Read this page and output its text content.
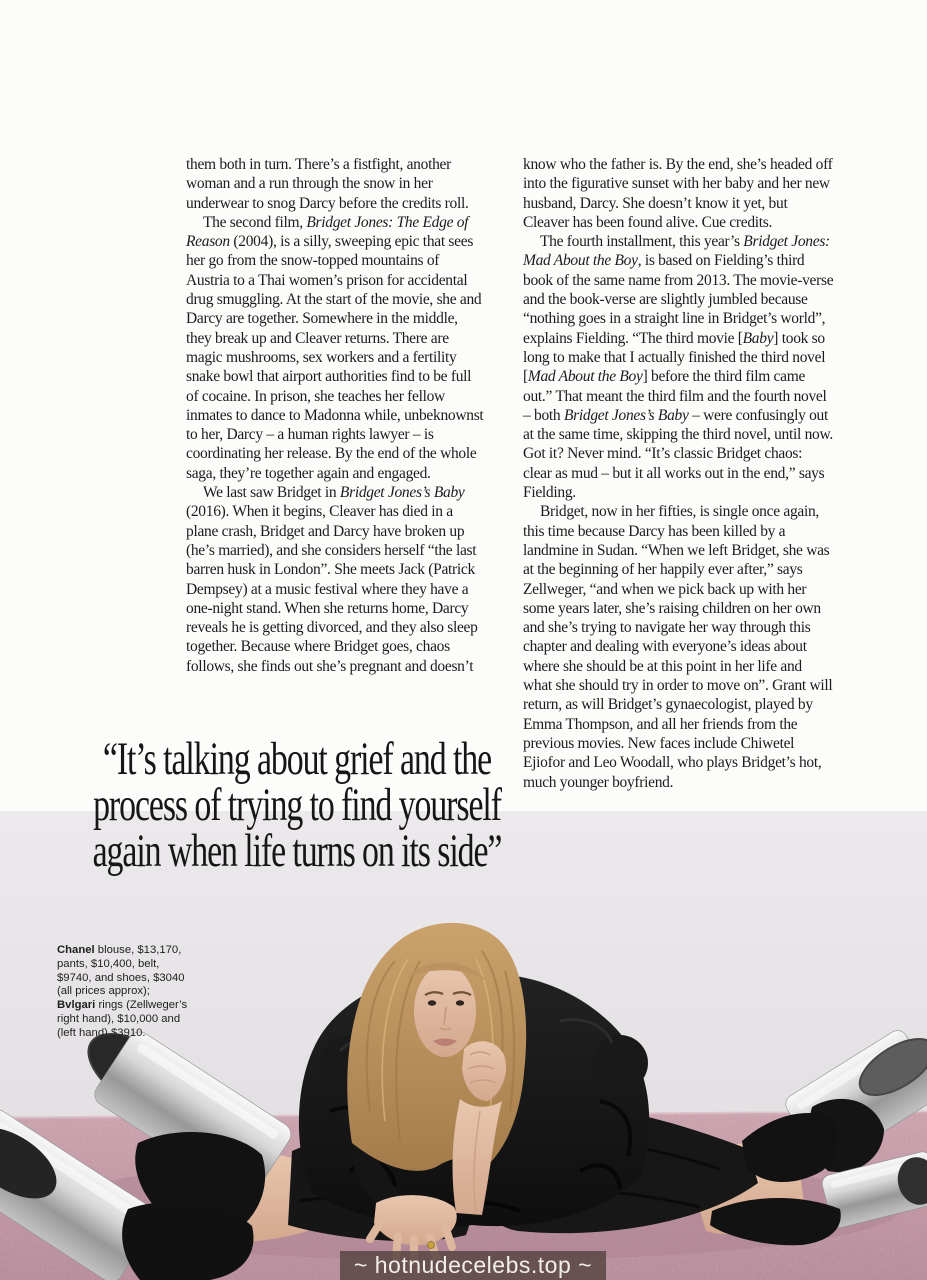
them both in turn. There’s a fistfight, another woman and a run through the snow in her underwear to snog Darcy before the credits roll.

The second film, Bridget Jones: The Edge of Reason (2004), is a silly, sweeping epic that sees her go from the snow-topped mountains of Austria to a Thai women’s prison for accidental drug smuggling. At the start of the movie, she and Darcy are together. Somewhere in the middle, they break up and Cleaver returns. There are magic mushrooms, sex workers and a fertility snake bowl that airport authorities find to be full of cocaine. In prison, she teaches her fellow inmates to dance to Madonna while, unbeknownst to her, Darcy – a human rights lawyer – is coordinating her release. By the end of the whole saga, they’re together again and engaged.

We last saw Bridget in Bridget Jones’s Baby (2016). When it begins, Cleaver has died in a plane crash, Bridget and Darcy have broken up (he’s married), and she considers herself “the last barren husk in London”. She meets Jack (Patrick Dempsey) at a music festival where they have a one-night stand. When she returns home, Darcy reveals he is getting divorced, and they also sleep together. Because where Bridget goes, chaos follows, she finds out she’s pregnant and doesn’t

know who the father is. By the end, she’s headed off into the figurative sunset with her baby and her new husband, Darcy. She doesn’t know it yet, but Cleaver has been found alive. Cue credits.

The fourth installment, this year’s Bridget Jones: Mad About the Boy, is based on Fielding’s third book of the same name from 2013. The movie-verse and the book-verse are slightly jumbled because “nothing goes in a straight line in Bridget’s world”, explains Fielding. “The third movie [Baby] took so long to make that I actually finished the third novel [Mad About the Boy] before the third film came out.” That meant the third film and the fourth novel – both Bridget Jones’s Baby – were confusingly out at the same time, skipping the third novel, until now. Got it? Never mind. “It’s classic Bridget chaos: clear as mud – but it all works out in the end,” says Fielding.

Bridget, now in her fifties, is single once again, this time because Darcy has been killed by a landmine in Sudan. “When we left Bridget, she was at the beginning of her happily ever after,” says Zellweger, “and when we pick back up with her some years later, she’s raising children on her own and she’s trying to navigate her way through this chapter and dealing with everyone’s ideas about where she should be at this point in her life and what she should try in order to move on”. Grant will return, as will Bridget’s gynaecologist, played by Emma Thompson, and all her friends from the previous movies. New faces include Chiwetel Ejiofor and Leo Woodall, who plays Bridget’s hot, much younger boyfriend.

“It’s talking about grief and the
process of trying to find yourself
again when life turns on its side”
Chanel blouse, $13,170, pants, $10,400, belt, $9740, and shoes, $3040 (all prices approx); Bvlgari rings (Zellweger’s right hand), $10,000 and (left hand) $3910.
~ hotnudecelebs.top ~
